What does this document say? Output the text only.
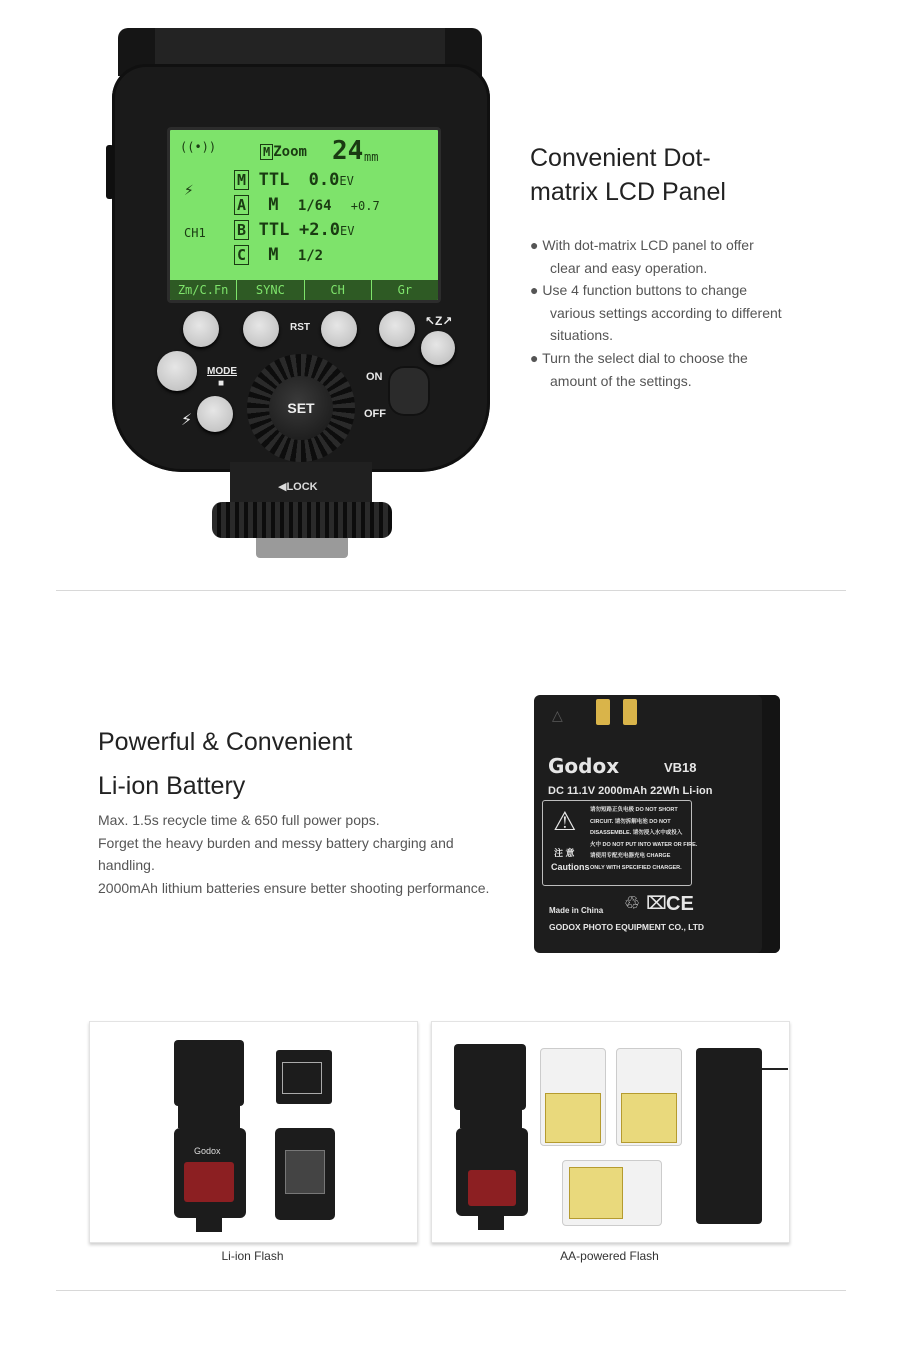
((•))	M Zoom 24 mm
⚡
CH1
M TTL 0.0EV
A M 1/64 +0.7
B TTL +2.0EV
C M 1/2
Zm/C.Fn	SYNC	CH	Gr
RST	↖Z↗
MODE
■
⚡
SET
ON
OFF
◀LOCK
Convenient Dot-
matrix LCD Panel
● With dot-matrix LCD panel to offer
clear and easy operation.
● Use 4 function buttons to change
various settings according to different
situations.
● Turn the select dial to choose the
amount of the settings.
Powerful & Convenient
Li-ion Battery
Max. 1.5s recycle time & 650 full power pops.
Forget the heavy burden and messy battery charging and
handling.
2000mAh lithium batteries ensure better shooting performance.
△
Godox	VB18
DC 11.1V 2000mAh 22Wh Li-ion
⚠
注 意
Cautions
请勿短路正负电极 DO NOT SHORT
CIRCUIT. 请勿拆解电池 DO NOT
DISASSEMBLE. 请勿浸入水中或投入
火中 DO NOT PUT INTO WATER OR FIRE.
请使用专配充电器充电 CHARGE
ONLY WITH SPECIFIED CHARGER.
Made in China
GODOX PHOTO EQUIPMENT CO., LTD
♲ ⌧ CE
Godox
Li-ion Flash	AA-powered Flash
